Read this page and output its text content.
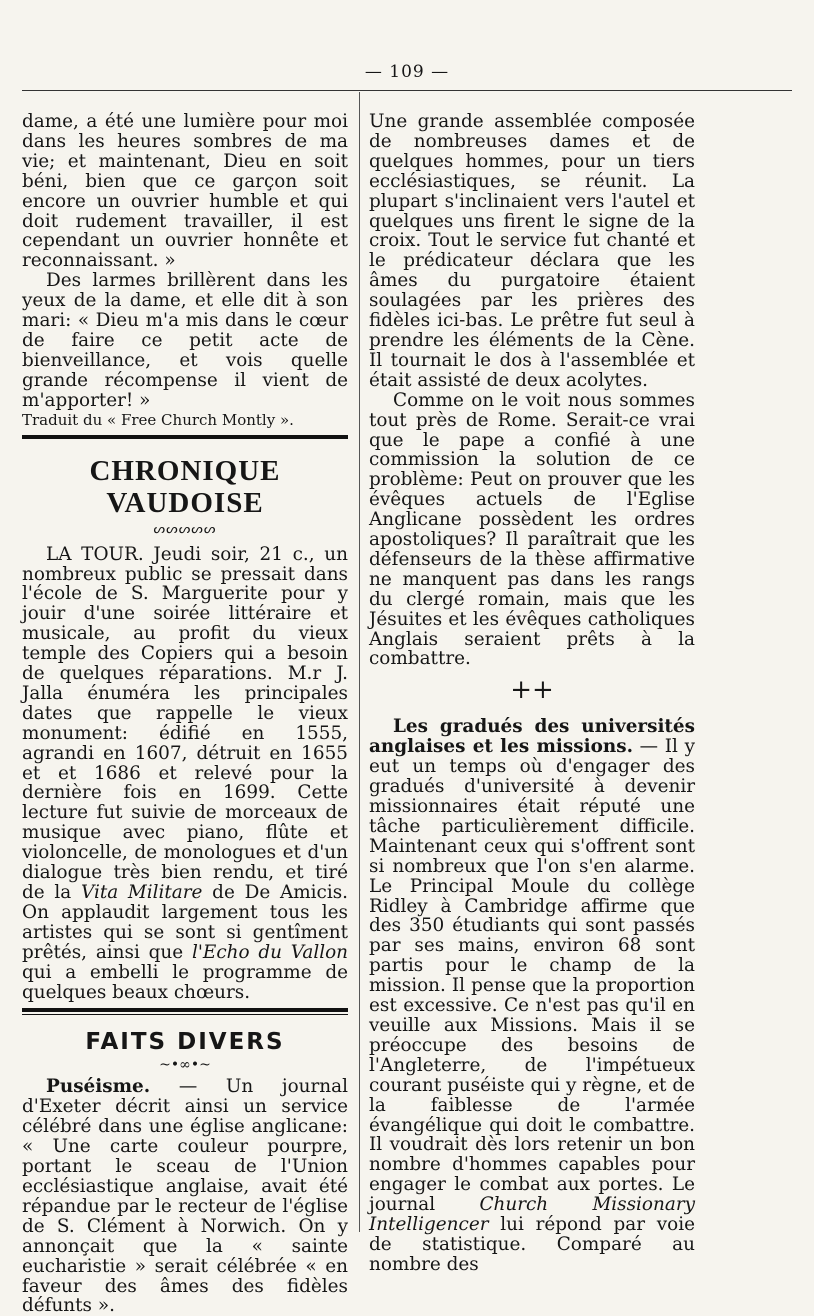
— 109 —

dame, a été une lumière pour moi dans les heures sombres de ma vie; et maintenant, Dieu en soit béni, bien que ce garçon soit encore un ouvrier humble et qui doit rudement travailler, il est cependant un ouvrier honnête et reconnaissant. »

Des larmes brillèrent dans les yeux de la dame, et elle dit à son mari: « Dieu m'a mis dans le cœur de faire ce petit acte de bienveillance, et vois quelle grande récompense il vient de m'apporter! »

Traduit du « Free Church Montly ».

CHRONIQUE VAUDOISE
ᔕᔕᔕᔕᔕ

LA TOUR. Jeudi soir, 21 c., un nombreux public se pressait dans l'école de S. Marguerite pour y jouir d'une soirée littéraire et musicale, au profit du vieux temple des Copiers qui a besoin de quelques réparations. M.r J. Jalla énuméra les principales dates que rappelle le vieux monument: édifié en 1555, agrandi en 1607, détruit en 1655 et et 1686 et relevé pour la dernière fois en 1699. Cette lecture fut suivie de morceaux de musique avec piano, flûte et violoncelle, de monologues et d'un dialogue très bien rendu, et tiré de la Vita Militare de De Amicis. On applaudit largement tous les artistes qui se sont si gentîment prêtés, ainsi que l'Echo du Vallon qui a embelli le programme de quelques beaux chœurs.

FAITS DIVERS
~•∞•~

Puséisme. — Un journal d'Exeter décrit ainsi un service célébré dans une église anglicane: « Une carte couleur pourpre, portant le sceau de l'Union ecclésiastique anglaise, avait été répandue par le recteur de l'église de S. Clément à Norwich. On y annonçait que la « sainte eucharistie » serait célébrée « en faveur des âmes des fidèles défunts ».

Une grande assemblée composée de nombreuses dames et de quelques hommes, pour un tiers ecclésiastiques, se réunit. La plupart s'inclinaient vers l'autel et quelques uns firent le signe de la croix. Tout le service fut chanté et le prédicateur déclara que les âmes du purgatoire étaient soulagées par les prières des fidèles ici-bas. Le prêtre fut seul à prendre les éléments de la Cène. Il tournait le dos à l'assemblée et était assisté de deux acolytes.

Comme on le voit nous sommes tout près de Rome. Serait-ce vrai que le pape a confié à une commission la solution de ce problème: Peut on prouver que les évêques actuels de l'Eglise Anglicane possèdent les ordres apostoliques? Il paraîtrait que les défenseurs de la thèse affirmative ne manquent pas dans les rangs du clergé romain, mais que les Jésuites et les évêques catholiques Anglais seraient prêts à la combattre.

++

Les gradués des universités anglaises et les missions. — Il y eut un temps où d'engager des gradués d'université à devenir missionnaires était réputé une tâche particulièrement difficile. Maintenant ceux qui s'offrent sont si nombreux que l'on s'en alarme. Le Principal Moule du collège Ridley à Cambridge affirme que des 350 étudiants qui sont passés par ses mains, environ 68 sont partis pour le champ de la mission. Il pense que la proportion est excessive. Ce n'est pas qu'il en veuille aux Missions. Mais il se préoccupe des besoins de l'Angleterre, de l'impétueux courant puséiste qui y règne, et de la faiblesse de l'armée évangélique qui doit le combattre. Il voudrait dès lors retenir un bon nombre d'hommes capables pour engager le combat aux portes. Le journal Church Missionary Intelligencer lui répond par voie de statistique. Comparé au nombre des
